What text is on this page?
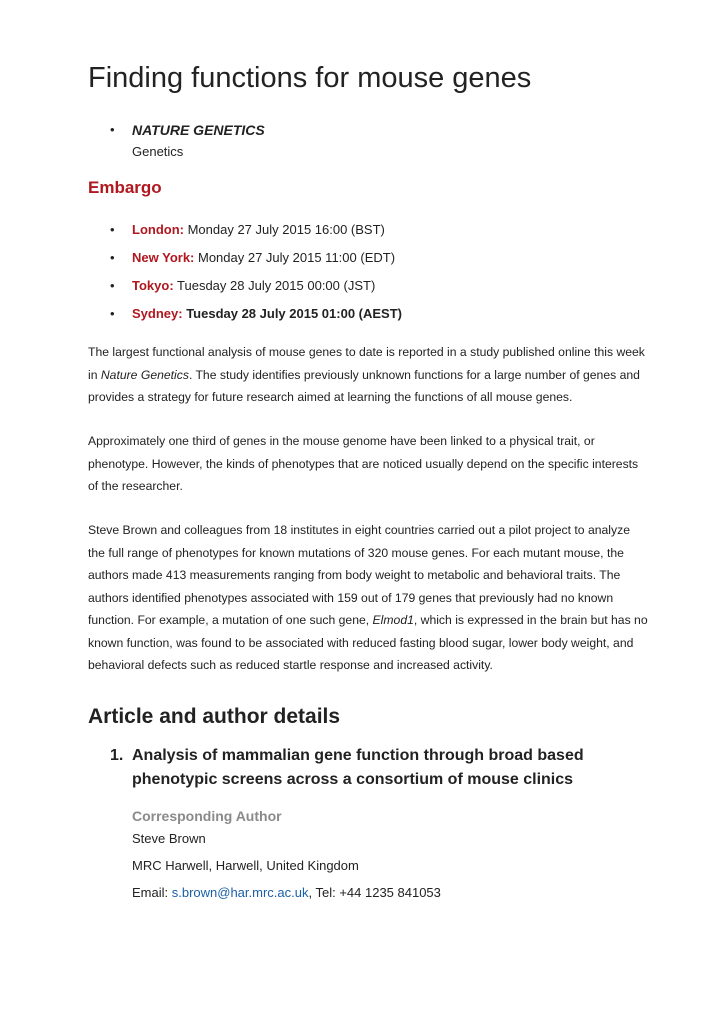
Finding functions for mouse genes
• NATURE GENETICS
Genetics
Embargo
• London: Monday 27 July 2015 16:00 (BST)
• New York: Monday 27 July 2015 11:00 (EDT)
• Tokyo: Tuesday 28 July 2015 00:00 (JST)
• Sydney: Tuesday 28 July 2015 01:00 (AEST)

The largest functional analysis of mouse genes to date is reported in a study published online this week in Nature Genetics. The study identifies previously unknown functions for a large number of genes and provides a strategy for future research aimed at learning the functions of all mouse genes.

Approximately one third of genes in the mouse genome have been linked to a physical trait, or phenotype. However, the kinds of phenotypes that are noticed usually depend on the specific interests of the researcher.

Steve Brown and colleagues from 18 institutes in eight countries carried out a pilot project to analyze the full range of phenotypes for known mutations of 320 mouse genes. For each mutant mouse, the authors made 413 measurements ranging from body weight to metabolic and behavioral traits. The authors identified phenotypes associated with 159 out of 179 genes that previously had no known function. For example, a mutation of one such gene, Elmod1, which is expressed in the brain but has no known function, was found to be associated with reduced fasting blood sugar, lower body weight, and behavioral defects such as reduced startle response and increased activity.

Article and author details
1. Analysis of mammalian gene function through broad based phenotypic screens across a consortium of mouse clinics
Corresponding Author
Steve Brown
MRC Harwell, Harwell, United Kingdom
Email: s.brown@har.mrc.ac.uk, Tel: +44 1235 841053
